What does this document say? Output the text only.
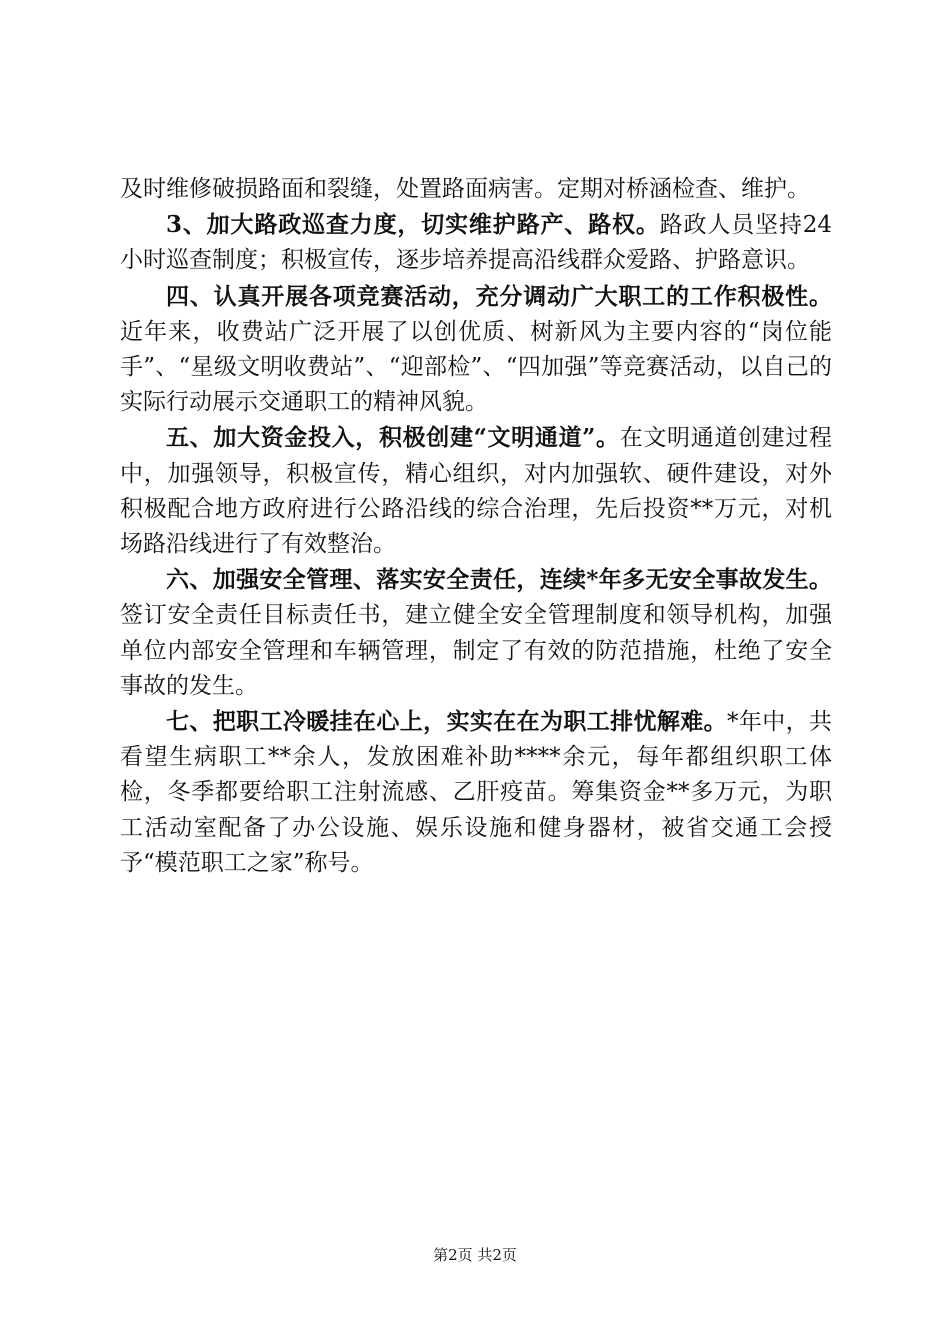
及时维修破损路面和裂缝，处置路面病害。定期对桥涵检查、维护。

3、加大路政巡查力度，切实维护路产、路权。路政人员坚持24小时巡查制度；积极宣传，逐步培养提高沿线群众爱路、护路意识。

四、认真开展各项竞赛活动，充分调动广大职工的工作积极性。近年来，收费站广泛开展了以创优质、树新风为主要内容的“岗位能手”、“星级文明收费站”、“迎部检”、“四加强”等竞赛活动，以自己的实际行动展示交通职工的精神风貌。

五、加大资金投入，积极创建“文明通道”。在文明通道创建过程中，加强领导，积极宣传，精心组织，对内加强软、硬件建设，对外积极配合地方政府进行公路沿线的综合治理，先后投资**万元，对机场路沿线进行了有效整治。

六、加强安全管理、落实安全责任，连续*年多无安全事故发生。签订安全责任目标责任书，建立健全安全管理制度和领导机构，加强单位内部安全管理和车辆管理，制定了有效的防范措施，杜绝了安全事故的发生。

七、把职工冷暖挂在心上，实实在在为职工排忧解难。*年中，共看望生病职工**余人，发放困难补助****余元，每年都组织职工体检，冬季都要给职工注射流感、乙肝疫苗。筹集资金**多万元，为职工活动室配备了办公设施、娱乐设施和健身器材，被省交通工会授予“模范职工之家”称号。

第2页 共2页
